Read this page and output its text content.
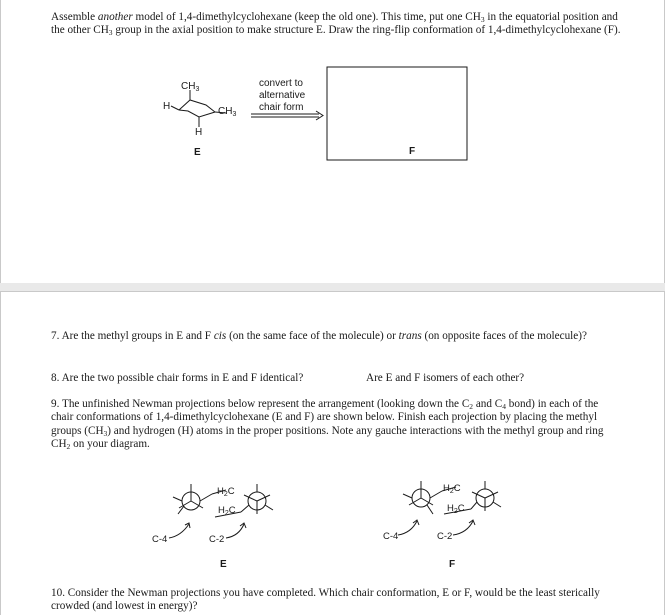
Assemble another model of 1,4-dimethylcyclohexane (keep the old one). This time, put one $CH_3$ in the equatorial position and the other $CH_3$ group in the axial position to make structure E. Draw the ring-flip conformation of 1,4-dimethylcyclohexane (F).

$CH_3$
H	$CH_3$
H
E
convert to
alternative
chair form
F

7. Are the methyl groups in E and F cis (on the same face of the molecule) or trans (on opposite faces of the molecule)?

8. Are the two possible chair forms in E and F identical?	Are E and F isomers of each other?

9. The unfinished Newman projections below represent the arrangement (looking down the $C_2$ and $C_4$ bond) in each of the chair conformations of 1,4-dimethylcyclohexane (E and F) are shown below. Finish each projection by placing the methyl groups $(CH_3)$ and hydrogen (H) atoms in the proper positions. Note any gauche interactions with the methyl group and ring $CH_2$ on your diagram.

$H_2C$
$H_2C$
C-4	C-2
E
$H_2C$
$H_2C$
C-4	C-2
F

10. Consider the Newman projections you have completed. Which chair conformation, E or F, would be the least sterically crowded (and lowest in energy)?
